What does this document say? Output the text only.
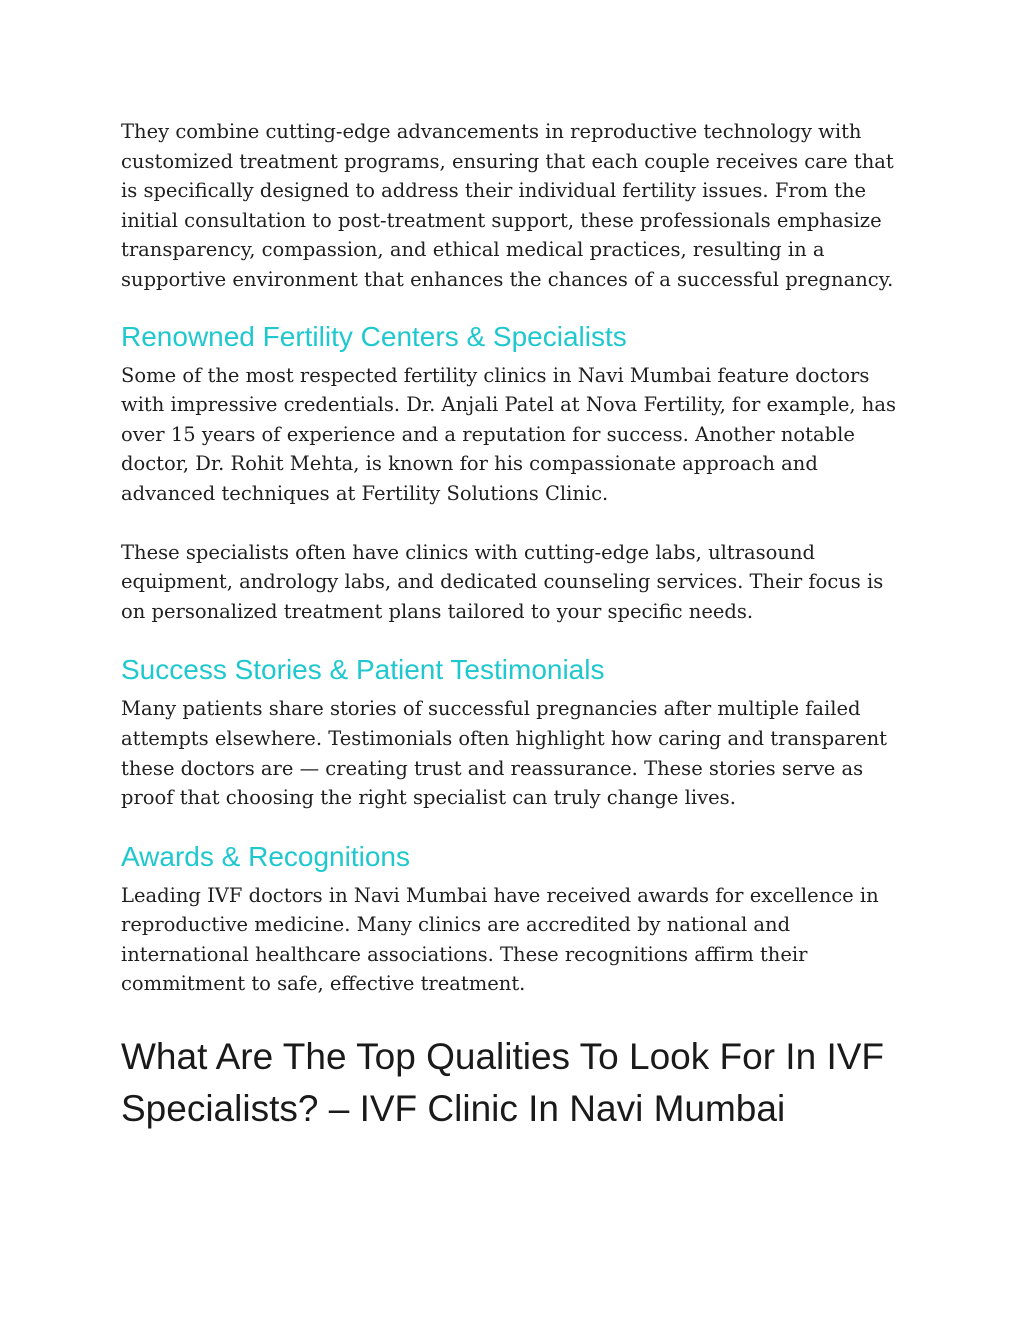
They combine cutting-edge advancements in reproductive technology with
customized treatment programs, ensuring that each couple receives care that
is specifically designed to address their individual fertility issues. From the
initial consultation to post-treatment support, these professionals emphasize
transparency, compassion, and ethical medical practices, resulting in a
supportive environment that enhances the chances of a successful pregnancy.

Renowned Fertility Centers & Specialists

Some of the most respected fertility clinics in Navi Mumbai feature doctors
with impressive credentials. Dr. Anjali Patel at Nova Fertility, for example, has
over 15 years of experience and a reputation for success. Another notable
doctor, Dr. Rohit Mehta, is known for his compassionate approach and
advanced techniques at Fertility Solutions Clinic.

These specialists often have clinics with cutting-edge labs, ultrasound
equipment, andrology labs, and dedicated counseling services. Their focus is
on personalized treatment plans tailored to your specific needs.

Success Stories & Patient Testimonials

Many patients share stories of successful pregnancies after multiple failed
attempts elsewhere. Testimonials often highlight how caring and transparent
these doctors are — creating trust and reassurance. These stories serve as
proof that choosing the right specialist can truly change lives.

Awards & Recognitions

Leading IVF doctors in Navi Mumbai have received awards for excellence in
reproductive medicine. Many clinics are accredited by national and
international healthcare associations. These recognitions affirm their
commitment to safe, effective treatment.

What Are The Top Qualities To Look For In IVF
Specialists? – IVF Clinic In Navi Mumbai
